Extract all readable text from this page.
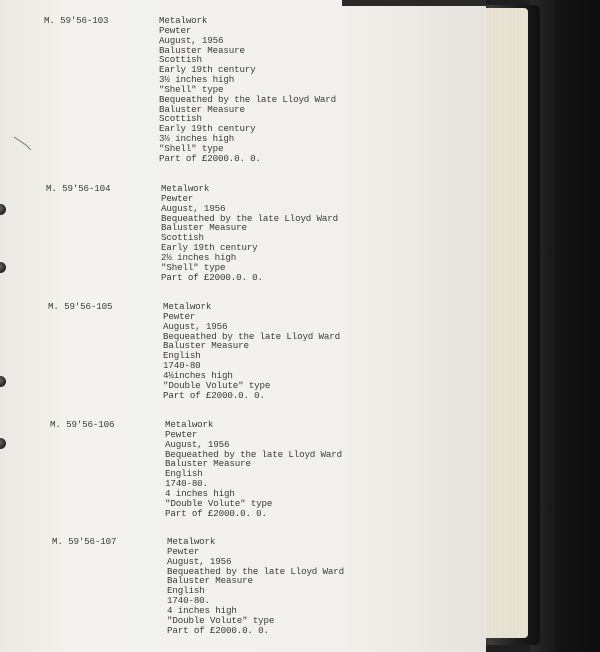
M. 59'56-103	Metalwork
Pewter
August, 1956
Baluster Measure
Scottish
Early 19th century
3½ inches high
"Shell" type
Bequeathed by the late Lloyd Ward
Baluster Measure
Scottish
Early 19th century
3½ inches high
"Shell" type
Part of £2000.0. 0.
M. 59'56-104	Metalwork
Pewter
August, 1956
Bequeathed by the late Lloyd Ward
Baluster Measure
Scottish
Early 19th century
2½ inches high
"Shell" type
Part of £2000.0. 0.
M. 59'56-105	Metalwork
Pewter
August, 1956
Bequeathed by the late Lloyd Ward
Baluster Measure
English
1740-80
4½inches high
"Double Volute" type
Part of £2000.0. 0.
M. 59'56-106	Metalwork
Pewter
August, 1956
Bequeathed by the late Lloyd Ward
Baluster Measure
English
1740-80.
4 inches high
"Double Volute" type
Part of £2000.0. 0.
M. 59'56-107	Metalwork
Pewter
August, 1956
Bequeathed by the late Lloyd Ward
Baluster Measure
English
1740-80.
4 inches high
"Double Volute" type
Part of £2000.0. 0.
